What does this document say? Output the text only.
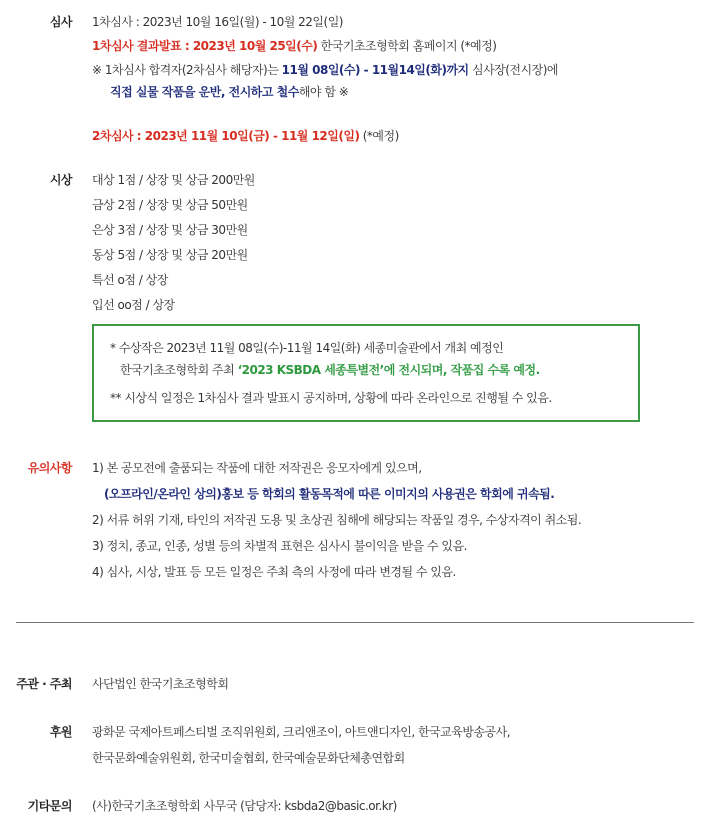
심사 1차심사 : 2023년 10월 16일(월) - 10월 22일(일)
1차심사 결과발표 : 2023년 10월 25일(수) 한국기초조형학회 홈페이지 (*예정)
※ 1차심사 합격자(2차심사 해당자)는 11월 08일(수) - 11월14일(화)까지 심사장(전시장)에
직접 실물 작품을 운반, 전시하고 철수해야 함 ※
2차심사 : 2023년 11월 10일(금) - 11월 12일(일) (*예정)
시상 대상 1점 / 상장 및 상금 200만원
금상 2점 / 상장 및 상금 50만원
은상 3점 / 상장 및 상금 30만원
동상 5점 / 상장 및 상금 20만원
특선 o점 / 상장
입선 oo점 / 상장
* 수상작은 2023년 11월 08일(수)-11월 14일(화) 세종미술관에서 개최 예정인
한국기초조형학회 주최 ‘2023 KSBDA 세종특별전’에 전시되며, 작품집 수록 예정.
** 시상식 일정은 1차심사 결과 발표시 공지하며, 상황에 따라 온라인으로 진행될 수 있음.
유의사항 1) 본 공모전에 출품되는 작품에 대한 저작권은 응모자에게 있으며,
(오프라인/온라인 상의)홍보 등 학회의 활동목적에 따른 이미지의 사용권은 학회에 귀속됨.
2) 서류 허위 기재, 타인의 저작권 도용 및 초상권 침해에 해당되는 작품일 경우, 수상자격이 취소됨.
3) 정치, 종교, 인종, 성별 등의 차별적 표현은 심사시 불이익을 받을 수 있음.
4) 심사, 시상, 발표 등 모든 일정은 주최 측의 사정에 따라 변경될 수 있음.
주관 · 주최 사단법인 한국기초조형학회
후원 광화문 국제아트페스티벌 조직위원회, 크리앤조이, 아트앤디자인, 한국교육방송공사,
한국문화예술위원회, 한국미술협회, 한국예술문화단체총연합회
기타문의 (사)한국기초조형학회 사무국 (담당자: ksbda2@basic.or.kr)
